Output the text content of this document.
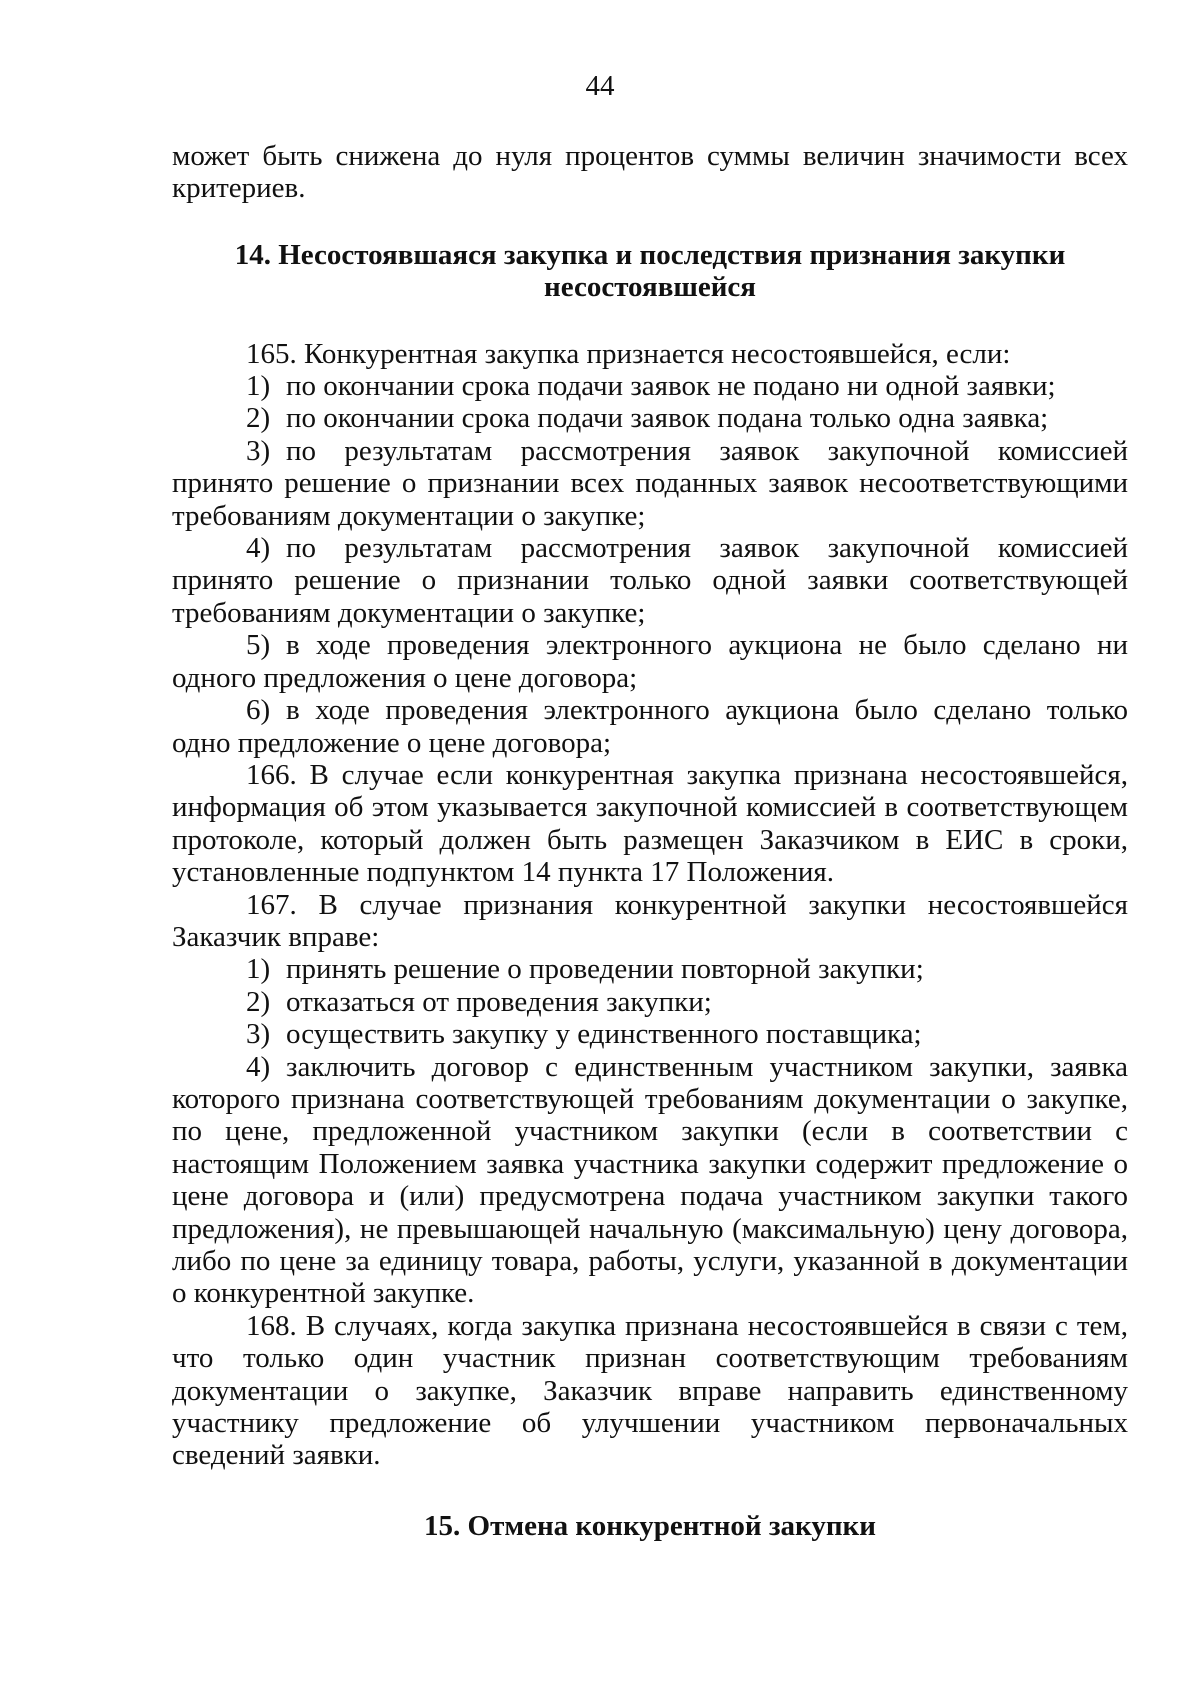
44

может быть снижена до нуля процентов суммы величин значимости всех критериев.

14. Несостоявшаяся закупка и последствия признания закупки несостоявшейся

165. Конкурентная закупка признается несостоявшейся, если:

1) по окончании срока подачи заявок не подано ни одной заявки;

2) по окончании срока подачи заявок подана только одна заявка;

3) по результатам рассмотрения заявок закупочной комиссией принято решение о признании всех поданных заявок несоответствующими требованиям документации о закупке;

4) по результатам рассмотрения заявок закупочной комиссией принято решение о признании только одной заявки соответствующей требованиям документации о закупке;

5) в ходе проведения электронного аукциона не было сделано ни одного предложения о цене договора;

6) в ходе проведения электронного аукциона было сделано только одно предложение о цене договора;

166. В случае если конкурентная закупка признана несостоявшейся, информация об этом указывается закупочной комиссией в соответствующем протоколе, который должен быть размещен Заказчиком в ЕИС в сроки, установленные подпунктом 14 пункта 17 Положения.

167. В случае признания конкурентной закупки несостоявшейся Заказчик вправе:

1) принять решение о проведении повторной закупки;

2) отказаться от проведения закупки;

3) осуществить закупку у единственного поставщика;

4) заключить договор с единственным участником закупки, заявка которого признана соответствующей требованиям документации о закупке, по цене, предложенной участником закупки (если в соответствии с настоящим Положением заявка участника закупки содержит предложение о цене договора и (или) предусмотрена подача участником закупки такого предложения), не превышающей начальную (максимальную) цену договора, либо по цене за единицу товара, работы, услуги, указанной в документации о конкурентной закупке.

168. В случаях, когда закупка признана несостоявшейся в связи с тем, что только один участник признан соответствующим требованиям документации о закупке, Заказчик вправе направить единственному участнику предложение об улучшении участником первоначальных сведений заявки.

15. Отмена конкурентной закупки
